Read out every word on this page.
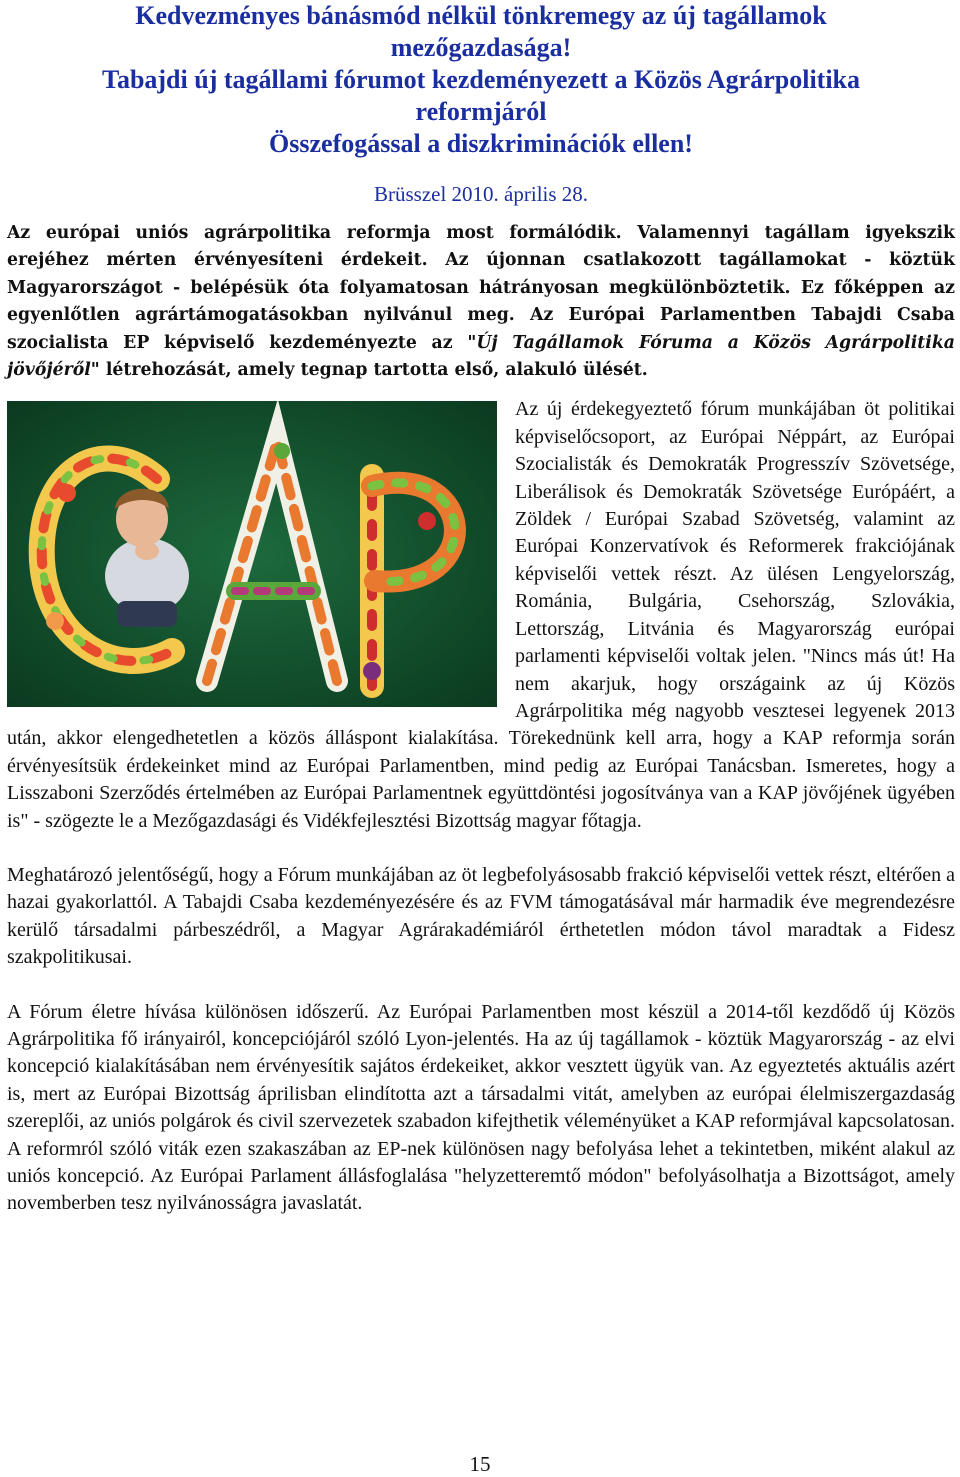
Kedvezményes bánásmód nélkül tönkremegy az új tagállamok
mezőgazdasága!
Tabajdi új tagállami fórumot kezdeményezett a Közös Agrárpolitika
reformjáról
Összefogással a diszkriminációk ellen!
Brüsszel 2010. április 28.

Az európai uniós agrárpolitika reformja most formálódik. Valamennyi tagállam igyekszik erejéhez mérten érvényesíteni érdekeit. Az újonnan csatlakozott tagállamokat - köztük Magyarországot - belépésük óta folyamatosan hátrányosan megkülönböztetik. Ez főképpen az egyenlőtlen agrártámogatásokban nyilvánul meg. Az Európai Parlamentben Tabajdi Csaba szocialista EP képviselő kezdeményezte az "Új Tagállamok Fóruma a Közös Agrárpolitika jövőjéről" létrehozását, amely tegnap tartotta első, alakuló ülését.

Az új érdekegyeztető fórum munkájában öt politikai képviselőcsoport, az Európai Néppárt, az Európai Szocialisták és Demokraták Progresszív Szövetsége, Liberálisok és Demokraták Szövetsége Európáért, a Zöldek / Európai Szabad Szövetség, valamint az Európai Konzervatívok és Reformerek frakciójának képviselői vettek részt. Az ülésen Lengyelország, Románia, Bulgária, Csehország, Szlovákia, Lettország, Litvánia és Magyarország európai parlamenti képviselői voltak jelen. "Nincs más út! Ha nem akarjuk, hogy országaink az új Közös Agrárpolitika még nagyobb vesztesei legyenek 2013 után, akkor elengedhetetlen a közös álláspont kialakítása. Törekednünk kell arra, hogy a KAP reformja során érvényesítsük érdekeinket mind az Európai Parlamentben, mind pedig az Európai Tanácsban. Ismeretes, hogy a Lisszaboni Szerződés értelmében az Európai Parlamentnek együttdöntési jogosítványa van a KAP jövőjének ügyében is" - szögezte le a Mezőgazdasági és Vidékfejlesztési Bizottság magyar főtagja.

Meghatározó jelentőségű, hogy a Fórum munkájában az öt legbefolyásosabb frakció képviselői vettek részt, eltérően a hazai gyakorlattól. A Tabajdi Csaba kezdeményezésére és az FVM támogatásával már harmadik éve megrendezésre kerülő társadalmi párbeszédről, a Magyar Agrárakadémiáról érthetetlen módon távol maradtak a Fidesz szakpolitikusai.

A Fórum életre hívása különösen időszerű. Az Európai Parlamentben most készül a 2014-től kezdődő új Közös Agrárpolitika fő irányairól, koncepciójáról szóló Lyon-jelentés. Ha az új tagállamok - köztük Magyarország - az elvi koncepció kialakításában nem érvényesítik sajátos érdekeiket, akkor vesztett ügyük van. Az egyeztetés aktuális azért is, mert az Európai Bizottság áprilisban elindította azt a társadalmi vitát, amelyben az európai élelmiszergazdaság szereplői, az uniós polgárok és civil szervezetek szabadon kifejthetik véleményüket a KAP reformjával kapcsolatosan. A reformról szóló viták ezen szakaszában az EP-nek különösen nagy befolyása lehet a tekintetben, miként alakul az uniós koncepció. Az Európai Parlament állásfoglalása "helyzetteremtő módon" befolyásolhatja a Bizottságot, amely novemberben tesz nyilvánosságra javaslatát.

15
